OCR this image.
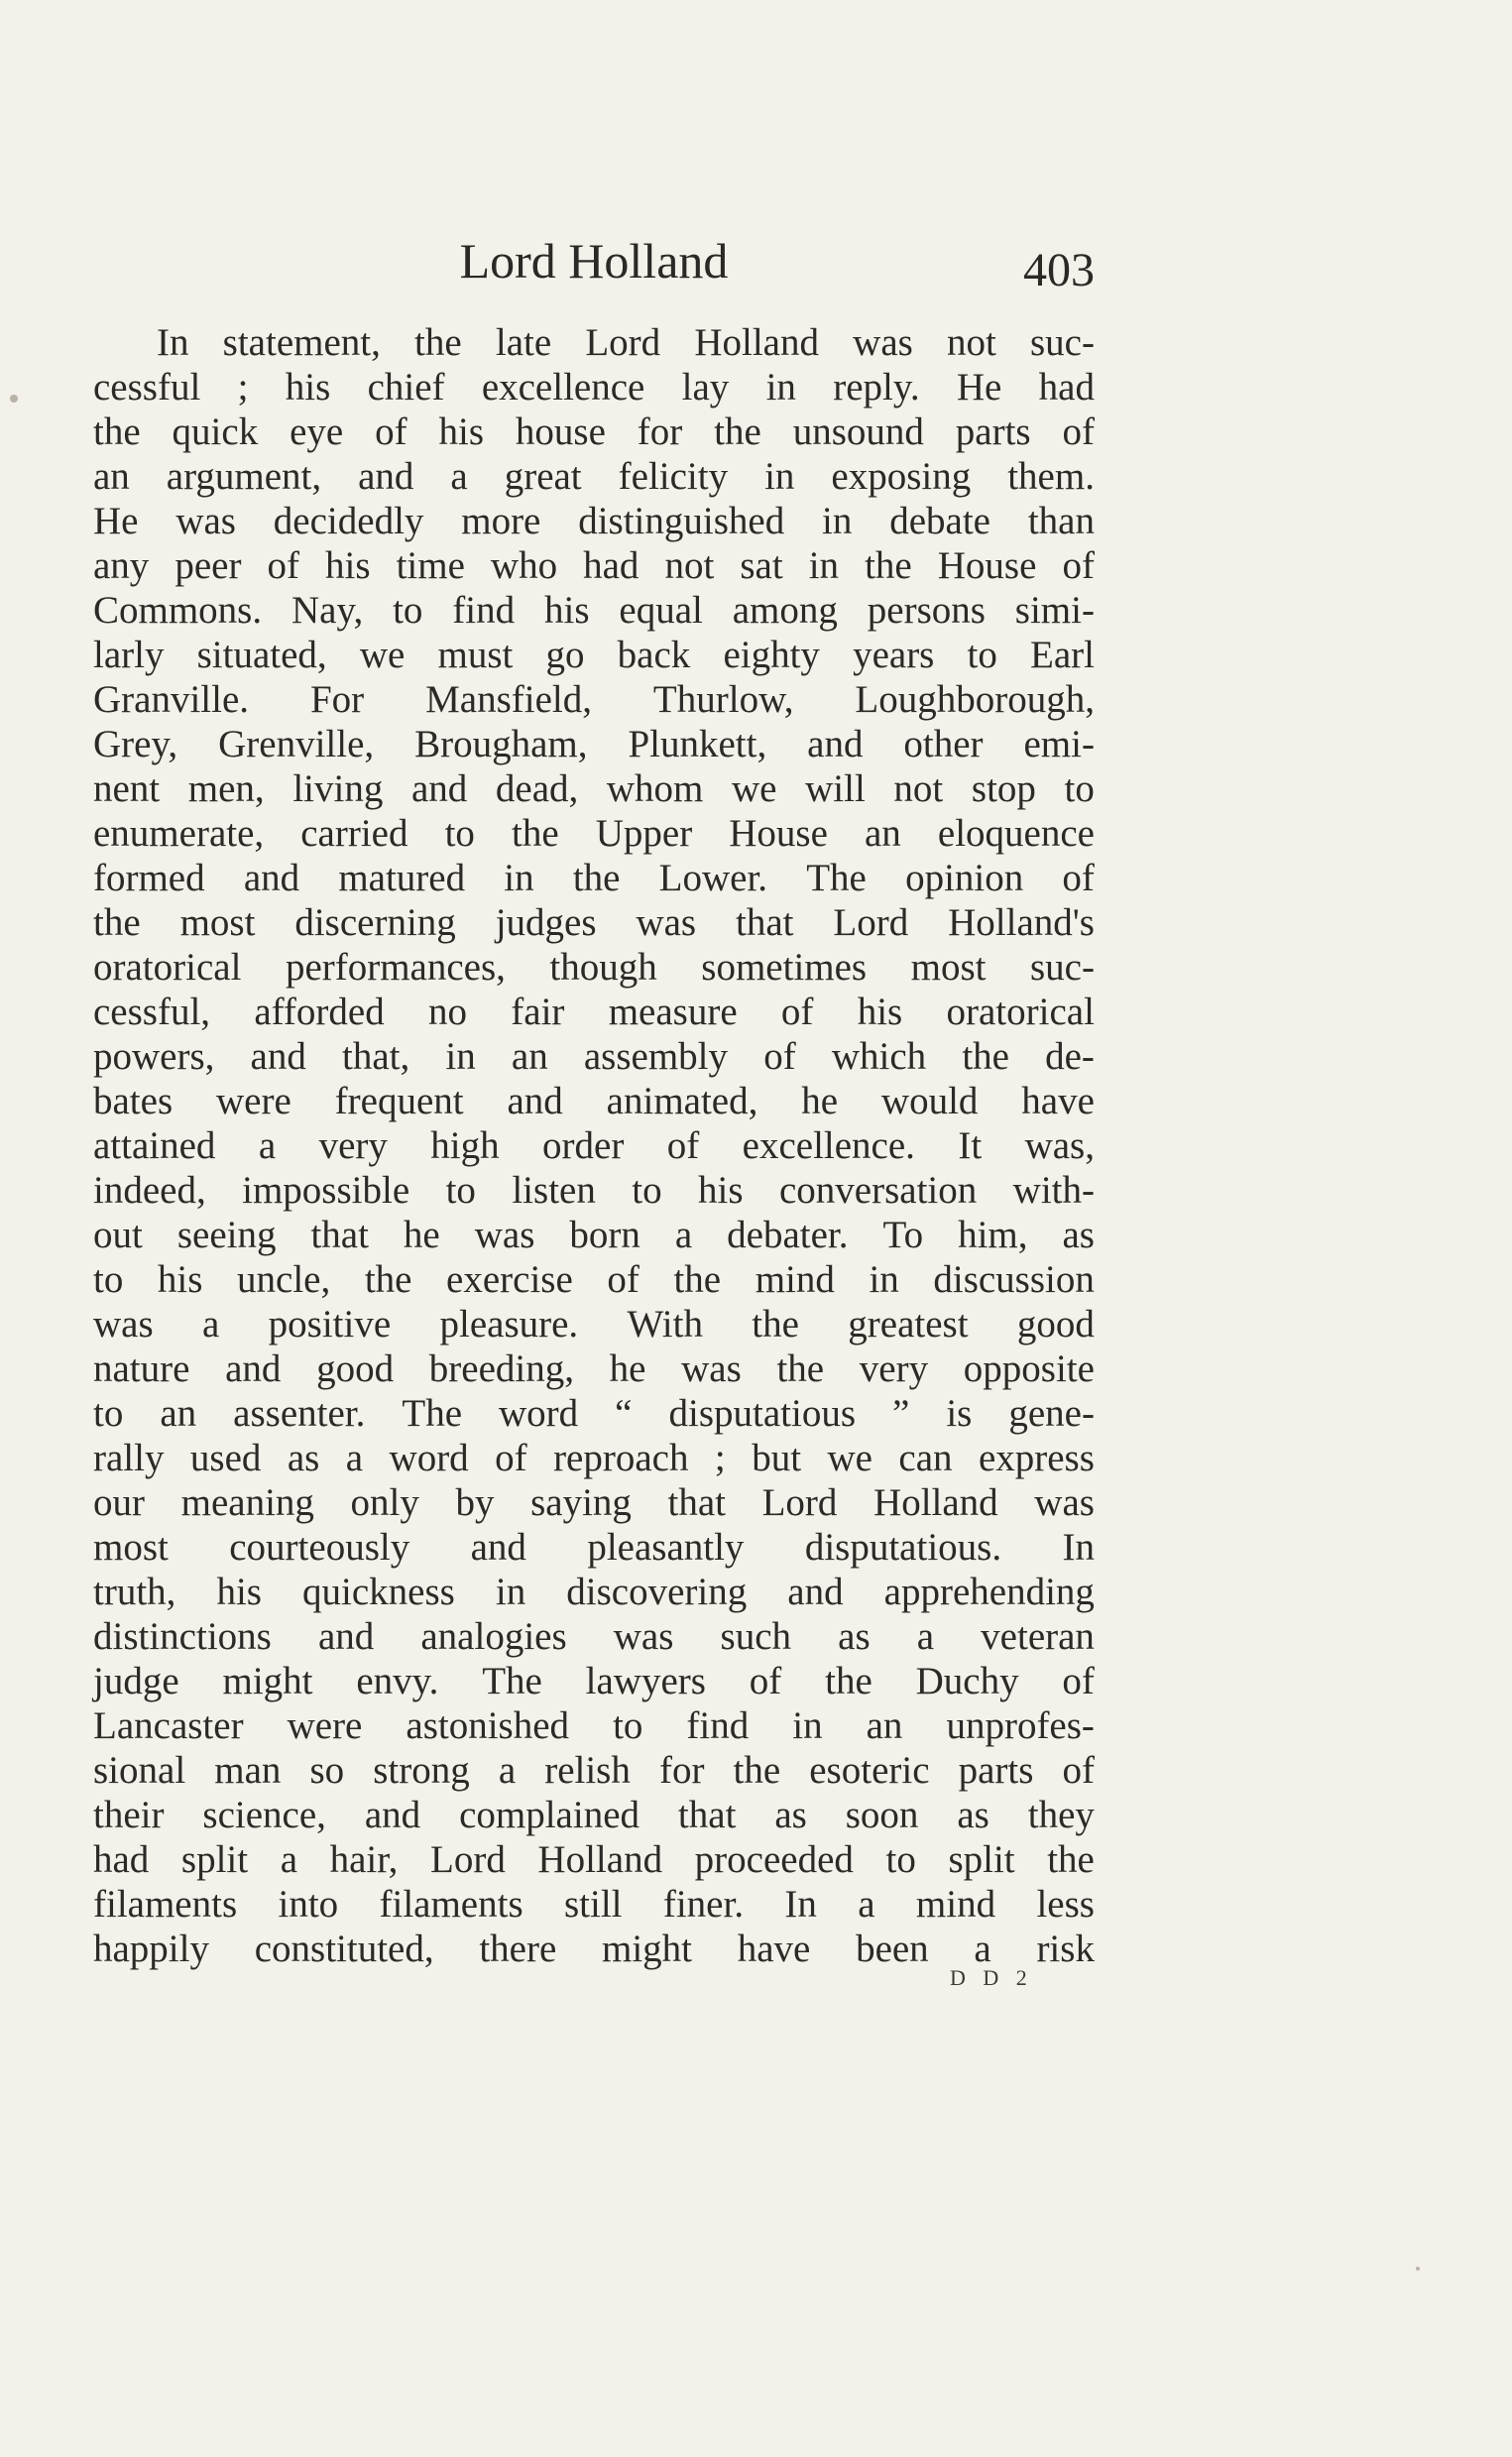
Lord Holland	403
In statement, the late Lord Holland was not suc-
cessful ; his chief excellence lay in reply. He had
the quick eye of his house for the unsound parts of
an argument, and a great felicity in exposing them.
He was decidedly more distinguished in debate than
any peer of his time who had not sat in the House of
Commons. Nay, to find his equal among persons simi-
larly situated, we must go back eighty years to Earl
Granville. For Mansfield, Thurlow, Loughborough,
Grey, Grenville, Brougham, Plunkett, and other emi-
nent men, living and dead, whom we will not stop to
enumerate, carried to the Upper House an eloquence
formed and matured in the Lower. The opinion of
the most discerning judges was that Lord Holland's
oratorical performances, though sometimes most suc-
cessful, afforded no fair measure of his oratorical
powers, and that, in an assembly of which the de-
bates were frequent and animated, he would have
attained a very high order of excellence. It was,
indeed, impossible to listen to his conversation with-
out seeing that he was born a debater. To him, as
to his uncle, the exercise of the mind in discussion
was a positive pleasure. With the greatest good
nature and good breeding, he was the very opposite
to an assenter. The word “ disputatious ” is gene-
rally used as a word of reproach ; but we can express
our meaning only by saying that Lord Holland was
most courteously and pleasantly disputatious. In
truth, his quickness in discovering and apprehending
distinctions and analogies was such as a veteran
judge might envy. The lawyers of the Duchy of
Lancaster were astonished to find in an unprofes-
sional man so strong a relish for the esoteric parts of
their science, and complained that as soon as they
had split a hair, Lord Holland proceeded to split the
filaments into filaments still finer. In a mind less
happily constituted, there might have been a risk
D D 2
